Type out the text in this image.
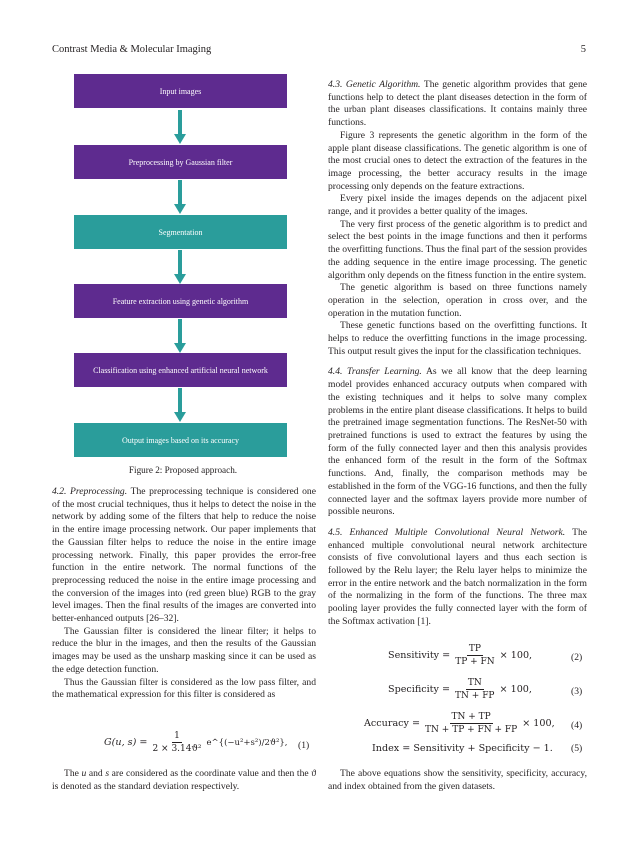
Contrast Media & Molecular Imaging	5
Input images
Preprocessing by Gaussian filter
Segmentation
Feature extraction using genetic algorithm
Classification using enhanced artificial neural network
Output images based on its accuracy
Figure 2: Proposed approach.

4.2. Preprocessing. The preprocessing technique is considered one of the most crucial techniques, thus it helps to detect the noise in the network by adding some of the filters that help to reduce the noise in the entire image processing network. Our paper implements that the Gaussian filter helps to reduce the noise in the entire image processing network. Finally, this paper provides the error-free function in the entire network. The normal functions of the preprocessing reduced the noise in the entire image processing and the conversion of the images into (red green blue) RGB to the gray level images. Then the final results of the images are converted into better-enhanced outputs [26–32].

The Gaussian filter is considered the linear filter; it helps to reduce the blur in the images, and then the results of the Gaussian images may be used as the unsharp masking since it can be used as the edge detection function.

Thus the Gaussian filter is considered as the low pass filter, and the mathematical expression for this filter is considered as

G(u, $s) = \frac{1}{\text{2 × 3.14ϑ²}}$ e^{(−u²+s²)/2ϑ²}, (1)
The u and s are considered as the coordinate value and then the ϑ is denoted as the standard deviation respectively.

4.3. Genetic Algorithm. The genetic algorithm provides that gene functions help to detect the plant diseases detection in the form of the urban plant diseases classifications. It contains mainly three functions.

Figure 3 represents the genetic algorithm in the form of the apple plant disease classifications. The genetic algorithm is one of the most crucial ones to detect the extraction of the features in the image processing, the better accuracy results in the image processing only depends on the feature extractions.

Every pixel inside the images depends on the adjacent pixel range, and it provides a better quality of the images.

The very first process of the genetic algorithm is to predict and select the best points in the image functions and then it performs the overfitting functions. Thus the final part of the session provides the adding sequence in the entire image processing. The genetic algorithm only depends on the fitness function in the entire system.

The genetic algorithm is based on three functions namely operation in the selection, operation in cross over, and the operation in the mutation function.

These genetic functions based on the overfitting functions. It helps to reduce the overfitting functions in the image processing. This output result gives the input for the classification techniques.

4.4. Transfer Learning. As we all know that the deep learning model provides enhanced accuracy outputs when compared with the existing techniques and it helps to solve many complex problems in the entire plant disease classifications. It helps to build the pretrained image segmentation functions. The ResNet-50 with pretrained functions is used to extract the features by using the form of the fully connected layer and then this analysis provides the enhanced form of the result in the form of the Softmax functions. And, finally, the comparison methods may be established in the form of the VGG-16 functions, and then the fully connected layer and the softmax layers provide more number of possible neurons.

4.5. Enhanced Multiple Convolutional Neural Network. The enhanced multiple convolutional neural network architecture consists of five convolutional layers and thus each section is followed by the Relu layer; the Relu layer helps to minimize the error in the entire network and the batch normalization in the form of the normalizing in the form of the functions. The three max pooling layer provides the fully connected layer with the form of the Softmax activation [1].

Sensitivity = $\frac{TP}{TP + FN} \times 100$,	(2)
Specificity = $\frac{TN}{TN + FP} \times 100$,	(3)
Accuracy = $\frac{TN + TP}{TN + TP + FN + FP} \times 100$, (4)
Index = Sensitivity + Specificity − 1. (5)
The above equations show the sensitivity, specificity, accuracy, and index obtained from the given datasets.
